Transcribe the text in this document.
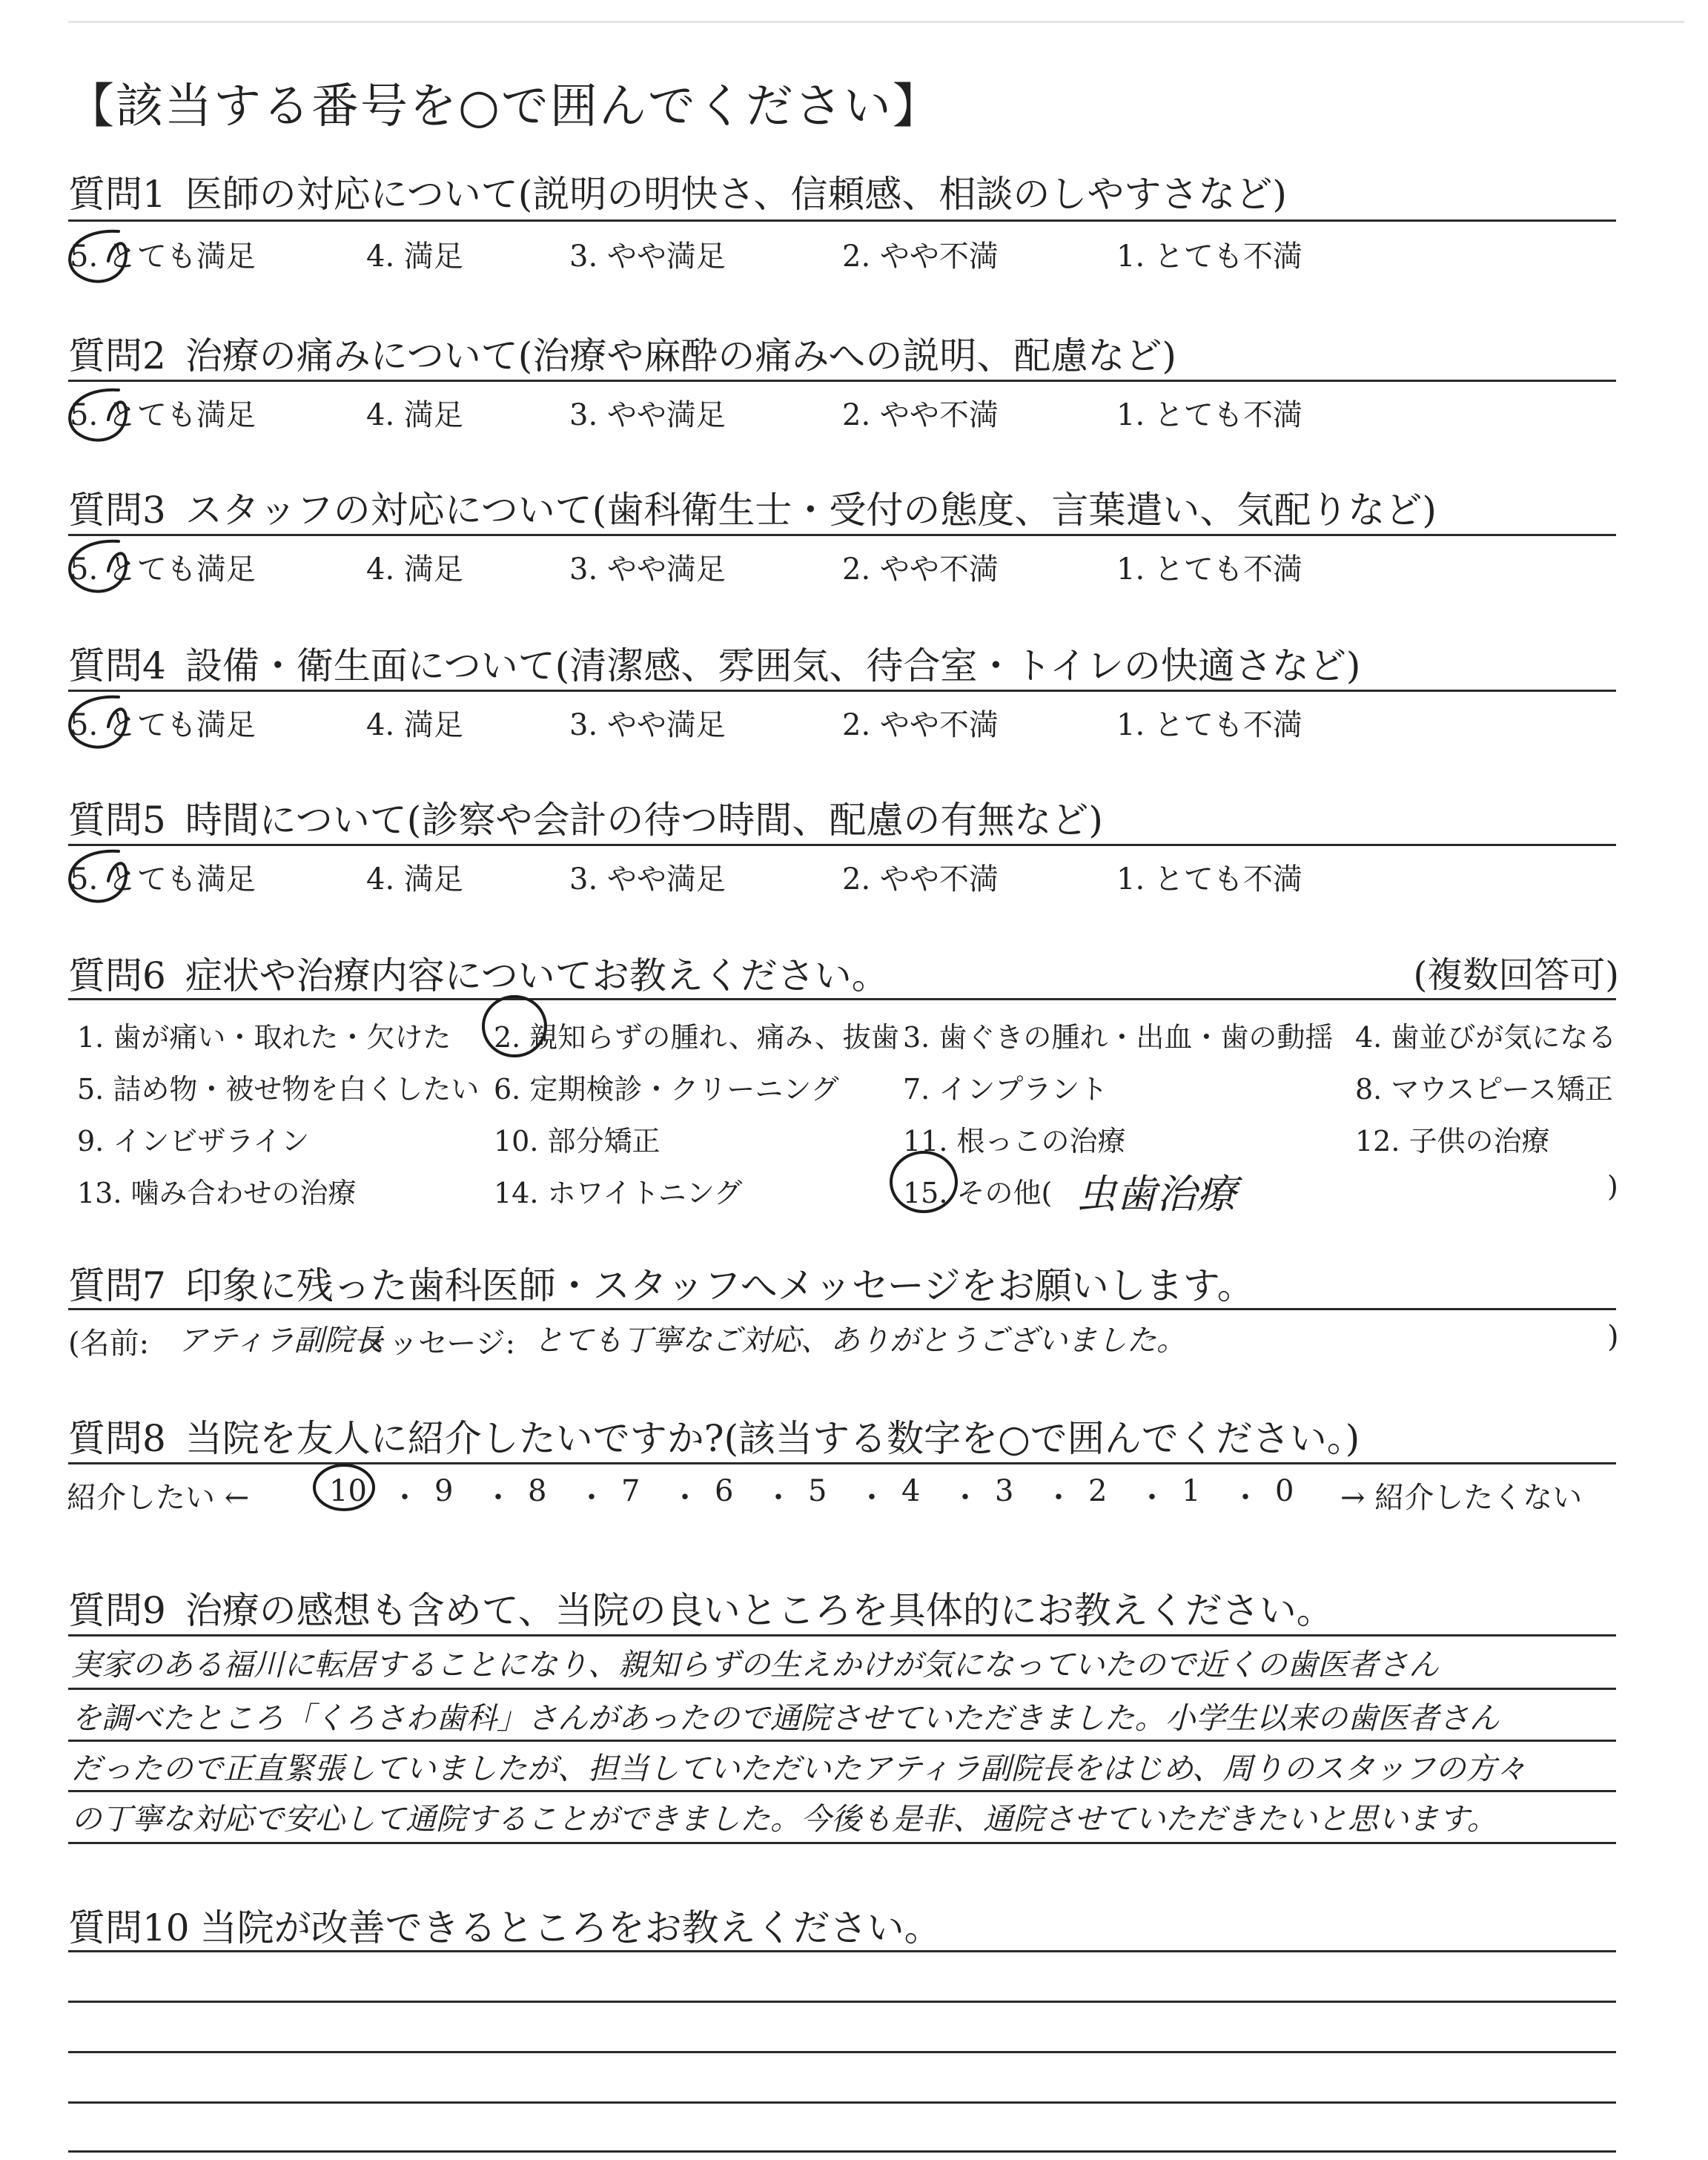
【該当する番号を○で囲んでください】
質問1 医師の対応について(説明の明快さ、信頼感、相談のしやすさなど)
5. とても満足	4. 満足	3. やや満足	2. やや不満	1. とても不満
質問2 治療の痛みについて(治療や麻酔の痛みへの説明、配慮など)
5. とても満足	4. 満足	3. やや満足	2. やや不満	1. とても不満
質問3 スタッフの対応について(歯科衛生士・受付の態度、言葉遣い、気配りなど)
5. とても満足	4. 満足	3. やや満足	2. やや不満	1. とても不満
質問4 設備・衛生面について(清潔感、雰囲気、待合室・トイレの快適さなど)
5. とても満足	4. 満足	3. やや満足	2. やや不満	1. とても不満
質問5 時間について(診察や会計の待つ時間、配慮の有無など)
5. とても満足	4. 満足	3. やや満足	2. やや不満	1. とても不満
質問6 症状や治療内容についてお教えください。	(複数回答可)
1. 歯が痛い・取れた・欠けた 2. 親知らずの腫れ、痛み、抜歯 3. 歯ぐきの腫れ・出血・歯の動揺 4. 歯並びが気になる
5. 詰め物・被せ物を白くしたい 6. 定期検診・クリーニング 7. インプラント	8. マウスピース矯正
9. インビザライン	10. 部分矯正	11. 根っこの治療	12. 子供の治療
13. 噛み合わせの治療	14. ホワイトニング	15. その他(	)
虫歯治療
質問7 印象に残った歯科医師・スタッフへメッセージをお願いします。
(名前: アティラ副院長
メッセージ: とても丁寧なご対応、ありがとうございました。	)
質問8 当院を友人に紹介したいですか?(該当する数字を○で囲んでください。)
紹介したい ←	→ 紹介したくない
10 ・ 9 ・ 8 ・ 7 ・ 6 ・ 5 ・ 4 ・ 3 ・ 2 ・ 1 ・ 0
質問9 治療の感想も含めて、当院の良いところを具体的にお教えください。
実家のある福川に転居することになり、親知らずの生えかけが気になっていたので近くの歯医者さん
を調べたところ「くろさわ歯科」さんがあったので通院させていただきました。小学生以来の歯医者さん
だったので正直緊張していましたが、担当していただいたアティラ副院長をはじめ、周りのスタッフの方々
の丁寧な対応で安心して通院することができました。今後も是非、通院させていただきたいと思います。
質問10 当院が改善できるところをお教えください。
